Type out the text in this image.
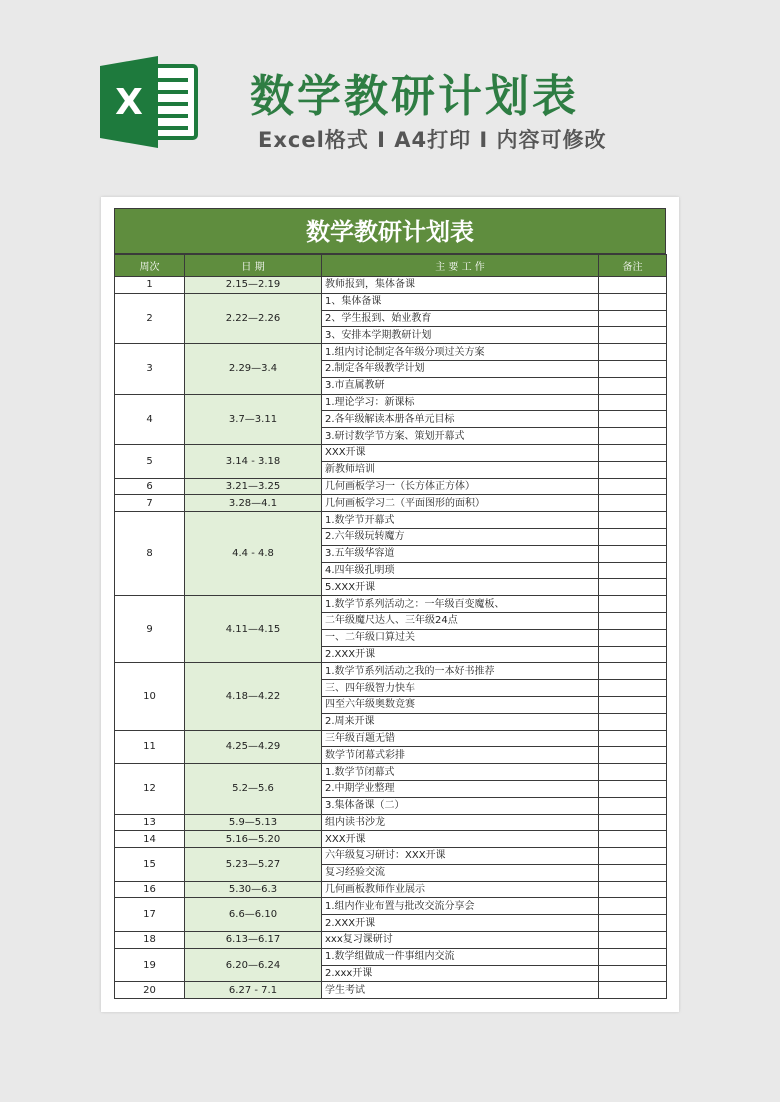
X 数学教研计划表
Excel格式 I A4打印 I 内容可修改
数学教研计划表
周次	日 期	主 要 工 作	备注
1	2.15—2.19	教师报到，集体备课	
2	2.22—2.26	1、集体备课	
		2、学生报到、始业教育	
		3、安排本学期教研计划	
3	2.29—3.4	1.组内讨论制定各年级分项过关方案	
		2.制定各年级教学计划	
		3.市直属教研	
4	3.7—3.11	1.理论学习：新课标	
		2.各年级解读本册各单元目标	
		3.研讨数学节方案、策划开幕式	
5	3.14 - 3.18	XXX开课	
		新教师培训	
6	3.21—3.25	几何画板学习一（长方体正方体）	
7	3.28—4.1	几何画板学习二（平面图形的面积）	
8	4.4 - 4.8	1.数学节开幕式	
		2.六年级玩转魔方	
		3.五年级华容道	
		4.四年级孔明琐	
		5.XXX开课	
9	4.11—4.15	1.数学节系列活动之：一年级百变魔板、	
		二年级魔尺达人、三年级24点	
		一、二年级口算过关	
		2.XXX开课	
10	4.18—4.22	1.数学节系列活动之我的一本好书推荐	
		三、四年级智力快车	
		四至六年级奥数竞赛	
		2.周来开课	
11	4.25—4.29	三年级百题无错	
		数学节闭幕式彩排	
12	5.2—5.6	1.数学节闭幕式	
		2.中期学业整理	
		3.集体备课（二）	
13	5.9—5.13	组内读书沙龙	
14	5.16—5.20	XXX开课	
15	5.23—5.27	六年级复习研讨：XXX开课	
		复习经验交流	
16	5.30—6.3	几何画板教师作业展示	
17	6.6—6.10	1.组内作业布置与批改交流分享会	
		2.XXX开课	
18	6.13—6.17	xxx复习课研讨	
19	6.20—6.24	1.数学组做成一件事组内交流	
		2.xxx开课	
20	6.27 - 7.1	学生考试	
